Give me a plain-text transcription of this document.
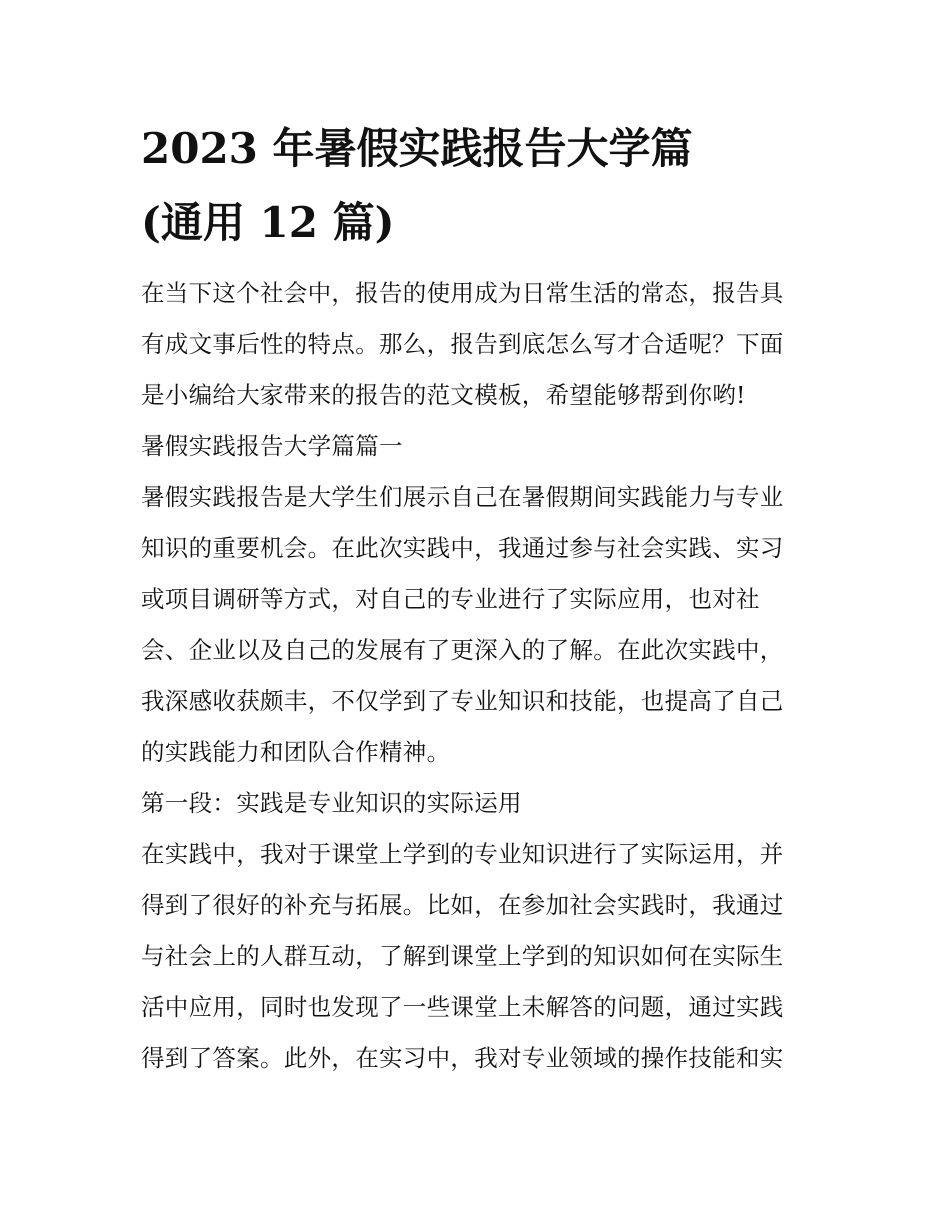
2023 年暑假实践报告大学篇
(通用 12 篇)
在当下这个社会中，报告的使用成为日常生活的常态，报告具
有成文事后性的特点。那么，报告到底怎么写才合适呢？下面
是小编给大家带来的报告的范文模板，希望能够帮到你哟!
暑假实践报告大学篇篇一
暑假实践报告是大学生们展示自己在暑假期间实践能力与专业
知识的重要机会。在此次实践中，我通过参与社会实践、实习
或项目调研等方式，对自己的专业进行了实际应用，也对社
会、企业以及自己的发展有了更深入的了解。在此次实践中，
我深感收获颇丰，不仅学到了专业知识和技能，也提高了自己
的实践能力和团队合作精神。
第一段：实践是专业知识的实际运用
在实践中，我对于课堂上学到的专业知识进行了实际运用，并
得到了很好的补充与拓展。比如，在参加社会实践时，我通过
与社会上的人群互动，了解到课堂上学到的知识如何在实际生
活中应用，同时也发现了一些课堂上未解答的问题，通过实践
得到了答案。此外，在实习中，我对专业领域的操作技能和实
